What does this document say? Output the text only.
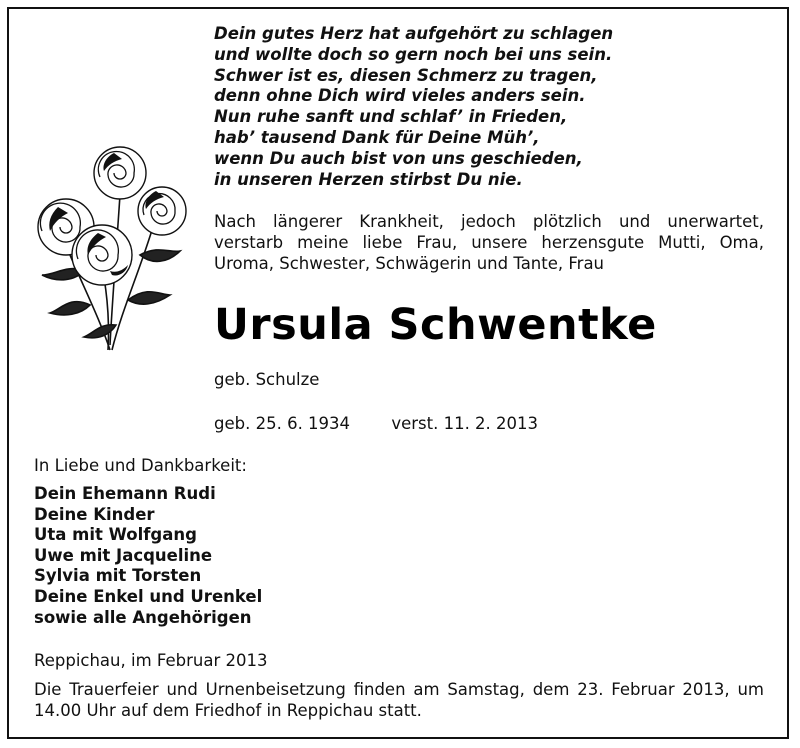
Dein gutes Herz hat aufgehört zu schlagen
und wollte doch so gern noch bei uns sein.
Schwer ist es, diesen Schmerz zu tragen,
denn ohne Dich wird vieles anders sein.
Nun ruhe sanft und schlaf’ in Frieden,
hab’ tausend Dank für Deine Müh’,
wenn Du auch bist von uns geschieden,
in unseren Herzen stirbst Du nie.
Nach längerer Krankheit, jedoch plötzlich und unerwartet, verstarb meine liebe Frau, unsere herzensgute Mutti, Oma, Uroma, Schwester, Schwägerin und Tante, Frau
Ursula Schwentke
geb. Schulze
geb. 25. 6. 1934	verst. 11. 2. 2013
In Liebe und Dankbarkeit:
Dein Ehemann Rudi
Deine Kinder
Uta mit Wolfgang
Uwe mit Jacqueline
Sylvia mit Torsten
Deine Enkel und Urenkel
sowie alle Angehörigen
Reppichau, im Februar 2013
Die Trauerfeier und Urnenbeisetzung finden am Samstag, dem 23. Februar 2013, um 14.00 Uhr auf dem Friedhof in Reppichau statt.
